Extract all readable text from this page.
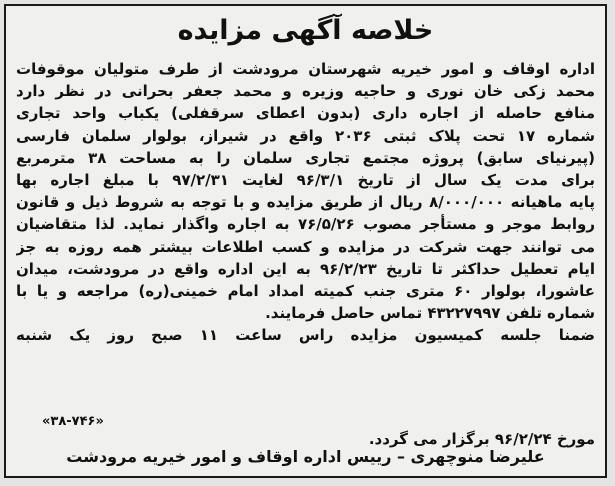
خلاصه آگهی مزایده
اداره اوقاف و امور خیریه شهرستان مرودشت از طرف متولیان موقوفات
محمد زکی خان نوری و حاجیه وزیره و محمد جعفر بحرانی در نظر دارد
منافع حاصله از اجاره داری (بدون اعطای سرقفلی) یکباب واحد تجاری
شماره ۱۷ تحت پلاک ثبتی ۲۰۳۶ واقع در شیراز، بولوار سلمان فارسی
(پیرنیای سابق) پروژه مجتمع تجاری سلمان را به مساحت ۳۸ مترمربع
برای مدت یک سال از تاریخ ۹۶/۳/۱ لغایت ۹۷/۲/۳۱ با مبلغ اجاره بها
پایه ماهیانه ۸/۰۰۰/۰۰۰ ریال از طریق مزایده و با توجه به شروط ذیل و قانون
روابط موجر و مستأجر مصوب ۷۶/۵/۲۶ به اجاره واگذار نماید. لذا متقاضیان
می توانند جهت شرکت در مزایده و کسب اطلاعات بیشتر همه روزه به جز
ایام تعطیل حداکثر تا تاریخ ۹۶/۲/۲۳ به این اداره واقع در مرودشت، میدان
عاشورا، بولوار ۶۰ متری جنب کمیته امداد امام خمینی(ره) مراجعه و یا با
شماره تلفن ۴۳۲۲۷۹۹۷ تماس حاصل فرمایند.
ضمنا جلسه کمیسیون مزایده راس ساعت ۱۱ صبح روز یک شنبه
مورخ ۹۶/۲/۲۴ برگزار می گردد.
«۳۸-۷۴۶»
علیرضا منوچهری – رییس اداره اوقاف و امور خیریه مرودشت
